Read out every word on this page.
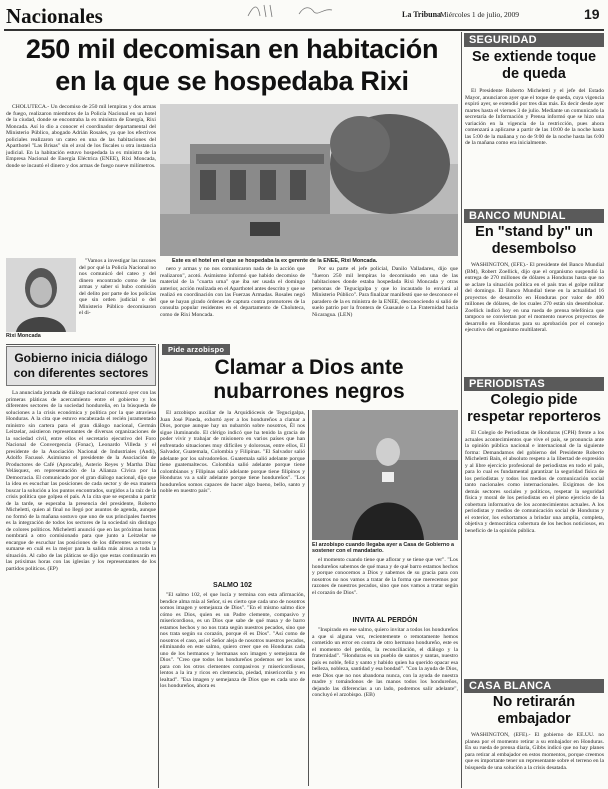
Nacionales	La Tribuna
Miércoles 1 de julio, 2009	19
250 mil decomisan en habitación
en la que se hospedaba Rixi

CHOLUTECA.- Un decomiso de 250 mil lempiras y dos armas de fuego, realizaron miembros de la Policía Nacional en un hotel de la ciudad, donde se encontraba la ex ministra de Energía, Rixi Moncada. Así lo dio a conocer el coordinador departamental del Ministerio Público, abogado Adrián Rosales, ya que los efectivos policiales realizaron un cateo en una de las habitaciones del Aparthotel "Las Brisas" sin el aval de los fiscales u otra instancia judicial. En la habitación estuvo hospedada la ex ministra de la Empresa Nacional de Energía Eléctrica (ENEE), Rixi Moncada, donde se incautó el dinero y dos armas de fuego nueve milímetros.

Rixi Moncada

"Vamos a investigar las razones del por qué la Policía Nacional no nos comunicó del cateo y del dinero encontrado como de las armas y saber si hubo comisión del delito por parte de los policías que sin orden judicial o del Ministerio Público decomisaron el di-

Este es el hotel en el que se hospedaba la ex gerente de la ENEE, Rixi Moncada.

nero y armas y no nos comunicaron nada de la acción que realizaron", acotó. Asimismo informó que habido decomiso de material de la "cuarta urna" que iba ser usada el domingo anterior, acción realizada en el Aparthotel antes descrito y que se realizó en coordinación con las Fuerzas Armadas. Rosales negó que se hayan girado órdenes de captura contra promotores de la consulta popular residentes en el departamento de Choluteca, como de Rixi Moncada.

Por su parte el jefe policial, Danilo Valladares, dijo que "fueron 250 mil lempiras lo decomisado en una de las habitaciones donde estaba hospedada Rixi Moncada y otras personas de Tegucigalpa y que lo incautado lo enviará al Ministerio Público". Para finalizar manifestó que se desconoce el paradero de la ex ministra de la ENEE, desconociendo si salió de suelo patrio por la frontera de Guasaule o La Fraternidad hacia Nicaragua. (LEN)

Gobierno inicia diálogo con diferentes sectores

La anunciada jornada de diálogo nacional comenzó ayer con las primeras pláticas de acercamiento entre el gobierno y los diferentes sectores de la sociedad hondureña, en la búsqueda de soluciones a la crisis económica y política por la que atraviesa Honduras. A la cita que estuvo encabezada el recién juramentado ministro sin cartera para el gran diálogo nacional, Germán Leitzelar, asistieron representantes de diversas organizaciones de la sociedad civil, entre ellos el secretario ejecutivo del Foro Nacional de Convergencia (Fonac), Leonardo Villeda y el presidente de la Asociación Nacional de Industriales (Andi), Adolfo Facussé. Asimismo el presidente de la Asociación de Productores de Café (Aprocafe), Asterio Reyes y Martha Díaz Velásquez, en representación de la Alianza Cívica por la Democracia. El comunicado por el gran diálogo nacional, dijo que la idea es escuchar las posiciones de cada sector y de esa manera buscar la solución a los puntos encontrados, surgidos a la raíz de la crisis política que golpea el país. A la cita que se esperaba a partir de la tarde, se esperaba la presencia del presidente, Roberto Micheletti, quien al final no llegó por asuntos de agenda, aunque no formó de la mañana sostuvo que uno de sus principales fuertes es la integración de todos los sectores de la sociedad sin distingo de colores políticos. Micheletti anunció que en las próximas horas nombrará a otro comisionado para que junto a Leitzelar se encargue de escuchar las posiciones de los diferentes sectores y sumarse en cuál es la mejor para la salida más airosa a toda la situación. Al cabo de las pláticas se dijo que estas continuarán en las próximas horas con las iglesias y los representantes de los partidos políticos. (EP)

Pide arzobispo
Clamar a Dios ante
nubarrones negros

El arzobispo auxiliar de la Arquidiócesis de Tegucigalpa, Juan José Pineda, exhortó ayer a los hondureños a clamar a Dios, porque aunque hay un nubarrón sobre nosotros, Él nos sigue iluminando. El clérigo indicó que ha tenido la gracia de poder vivir y trabajar de misionero en varios países que han enfrentado situaciones muy difíciles y dolorosas, entre ellos, El Salvador, Guatemala, Colombia y Filipinas. "El Salvador salió adelante por los salvadoreños. Guatemala salió adelante porque tiene guatemaltecos. Colombia salió adelante porque tiene colombianos y Filipinas salió adelante porque tiene filipinos y Honduras va a salir adelante porque tiene hondureños". "Los hondureños somos capaces de hacer algo bueno, bello, santo y noble en nuestro país".

El arzobispo cuando llegaba ayer a Casa de Gobierno a sostener con el mandatario.
SALMO 102

"El salmo 102, el que lucía y termina con esta afirmación, bendice alma mía al Señor, si es cierto que cada uno de nosotros somos imagen y semejanza de Dios". "En el mismo salmo dice cómo es Dios, quien es un Padre clemente, compasivo y misericordioso, es un Dios que sabe de qué masa y de barro estamos hechos y no nos trata según nuestros pecados, sino que nos trata según su corazón, porque él es Dios". "Así como de nosotros el caso, así el Señor aleja de nosotros nuestros pecados, eliminando en este salmo, quiero creer que en Honduras cada uno de los hermanos y hermanas son imagen y semejanza de Dios". "Creo que todos los hondureños podemos ser los unos para con los otros clementes compasivos y misericordiosos, lentos a la ira y ricos en clemencia, piedad, misericordia y en lealtad". "Esa imagen y semejanza de Dios que es cada uno de los hondureños, ahora es

el momento cuando tiene que aflorar y se tiene que ver". "Los hondureños sabemos de qué masa y de qué barro estamos hechos y porque conocemos a Dios y sabemos de su gracia para con nosotros no nos vamos a tratar de la forma que merecemos por razones de nuestros pecados, sino que nos vamos a tratar según el corazón de Dios".

INVITA AL PERDÓN

"Inspirado en ese salmo, quiero invitar a todos los hondureños a que si alguna vez, recientemente o remotamente hemos cometido un error en contra de otro hermano hondureño, este es el momento del perdón, la reconciliación, el diálogo y la fraternidad". "Honduras es un pueblo de santos y santas, nuestro país es noble, feliz y santo y habido quien ha querido opacar esa belleza, nobleza, santidad y esa bondad". "Con la ayuda de Dios, este Dios que no nos abandona nunca, con la ayuda de nuestra madre y tomándonos de las manos todos los hondureños, dejando las diferencias a un lado, podremos salir adelante", concluyó el arzobispo. (EB)

SEGURIDAD
Se extiende toque de queda

El Presidente Roberto Micheletti y el jefe del Estado Mayor, anunciaron ayer que el toque de queda, cuya vigencia expiró ayer, se extendió por tres días más. Es decir desde ayer martes hasta el viernes 3 de julio. Mediante un comunicado la secretaría de Información y Prensa informó que se hizo una variación en la vigencia de la restricción, pues ahora comenzará a aplicarse a partir de las 10:00 de la noche hasta las 5:00 de la mañana y no de 9:00 de la noche hasta las 6:00 de la mañana como era inicialmente.

BANCO MUNDIAL
En "stand by" un desembolso

WASHINGTON, (EFE).- El presidente del Banco Mundial (BM), Robert Zoellick, dijo que el organismo suspendió la entrega de 270 millones de dólares a Honduras hasta que no se aclare la situación política en el país tras el golpe militar del domingo. El Banco Mundial tiene en la actualidad 16 proyectos de desarrollo en Honduras por valor de 400 millones de dólares, de los cuales 270 están sin desembolsar. Zoellick indicó hoy en una rueda de prensa telefónica que tampoco se conviertan por el momento nuevos proyectos de desarrollo en Honduras para su aprobación por el consejo ejecutivo del organismo multilateral.

PERIODISTAS
Colegio pide respetar reporteros

El Colegio de Periodistas de Honduras (CPH) frente a los actuales acontecimientos que vive el país, se pronuncia ante la opinión pública nacional e internacional de la siguiente forma: Demandamos del gobierno del Presidente Roberto Micheletti Baín, el absoluto respeto a la libertad de expresión y al libre ejercicio profesional de periodistas en todo el país, para lo cual es fundamental garantizar la seguridad física de los periodistas y todos los medios de comunicación social tanto nacionales como internacionales. Exigimos de los demás sectores sociales y políticos, respetar la seguridad física y moral de los periodistas en el pleno ejercicio de la cobertura informativa de los acontecimientos actuales. A los periodistas y medios de comunicación social de Honduras y el exterior, los exhortamos a brindar una amplia, completa, objetiva y democrática cobertura de los hechos noticiosos, en beneficio de la opinión pública.

CASA BLANCA
No retirarán embajador

WASHINGTON, (EFE).- El gobierno de EE.UU. no planea por el momento retirar a su embajador en Honduras. En su rueda de prensa diaria, Gibbs indicó que no hay planes para retirar al embajador en estos momentos, porque creemos que es importante tener un representante sobre el terreno en la búsqueda de una solución a la crisis desatada.
